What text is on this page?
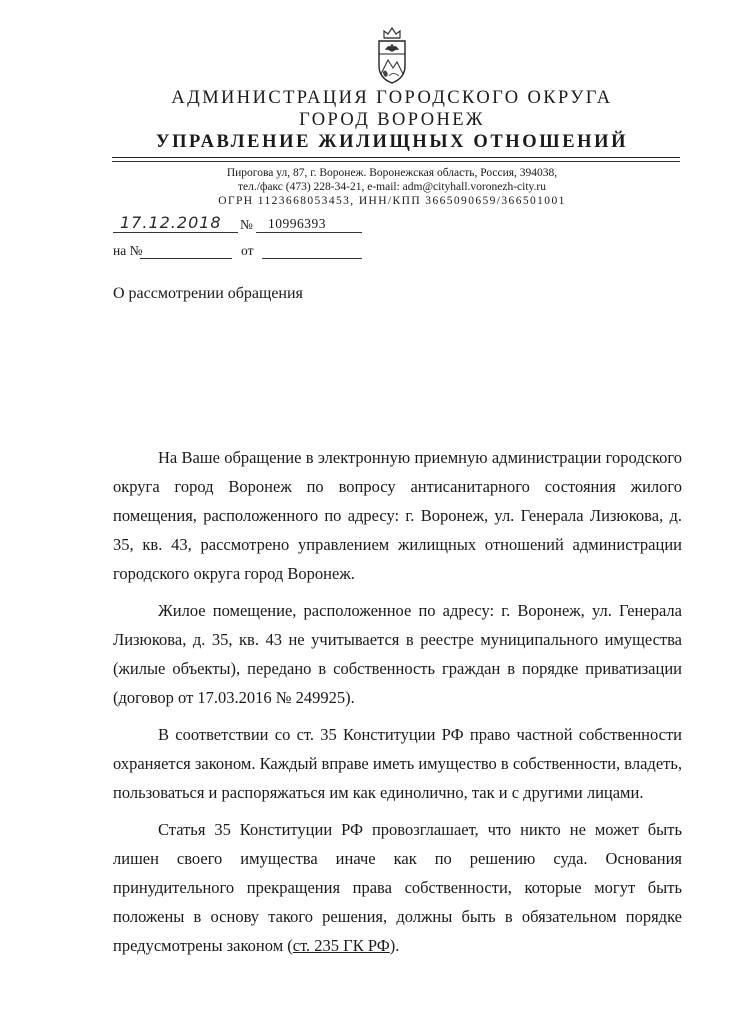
АДМИНИСТРАЦИЯ ГОРОДСКОГО ОКРУГА
ГОРОД ВОРОНЕЖ
УПРАВЛЕНИЕ ЖИЛИЩНЫХ ОТНОШЕНИЙ
Пирогова ул, 87, г. Воронеж. Воронежская область, Россия, 394038,
тел./факс (473) 228-34-21, e-mail: adm@cityhall.voronezh-city.ru
ОГРН 1123668053453, ИНН/КПП 3665090659/366501001
17.12.2018 № 10996393
на №	от
О рассмотрении обращения

На Ваше обращение в электронную приемную администрации городского округа город Воронеж по вопросу антисанитарного состояния жилого помещения, расположенного по адресу: г. Воронеж, ул. Генерала Лизюкова, д. 35, кв. 43, рассмотрено управлением жилищных отношений администрации городского округа город Воронеж.

Жилое помещение, расположенное по адресу: г. Воронеж, ул. Генерала Лизюкова, д. 35, кв. 43 не учитывается в реестре муниципального имущества (жилые объекты), передано в собственность граждан в порядке приватизации (договор от 17.03.2016 № 249925).

В соответствии со ст. 35 Конституции РФ право частной собственности охраняется законом. Каждый вправе иметь имущество в собственности, владеть, пользоваться и распоряжаться им как единолично, так и с другими лицами.

Статья 35 Конституции РФ провозглашает, что никто не может быть лишен своего имущества иначе как по решению суда. Основания принудительного прекращения права собственности, которые могут быть положены в основу такого решения, должны быть в обязательном порядке предусмотрены законом (ст. 235 ГК РФ).
